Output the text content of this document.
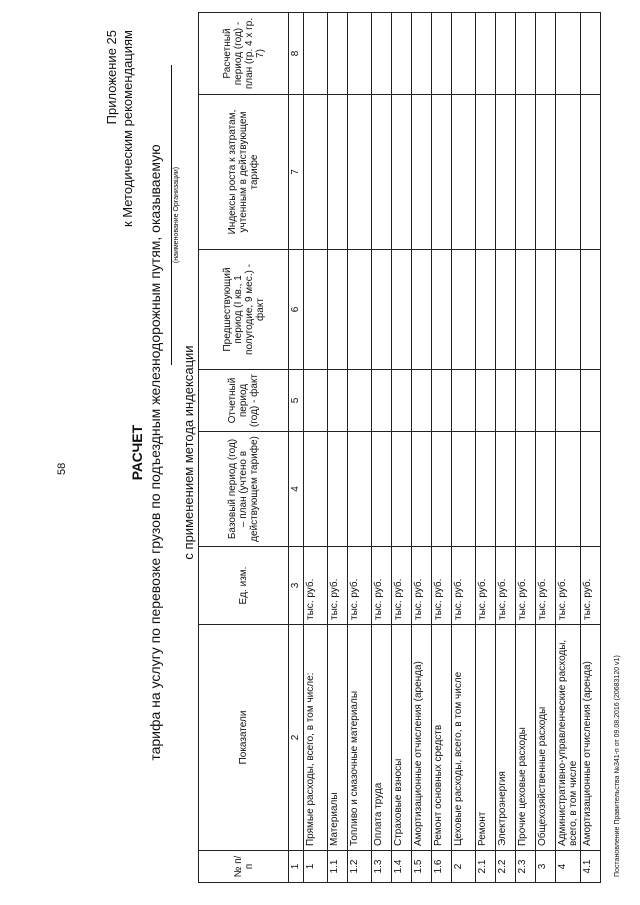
58
Приложение 25 к Методическим рекомендациям
РАСЧЕТ тарифа на услугу по перевозке грузов по подъездным железнодорожным путям, оказываемую (наименование Организации)
с применением метода индексации
№ п/п	Показатели	Ед. изм.	Базовый период (год) – план (учтено в действующем тарифе)	Отчетный период (год) - факт	Предшествующий период (I кв., 1 полугодие, 9 мес.) - факт	Индексы роста к затратам, учтенным в действующем тарифе	Расчетный период (год) - план (гр. 4 х гр. 7)
1	2	3	4	5	6	7	8
1	Прямые расходы, всего, в том числе:	тыс. руб.					
1.1	Материалы	тыс. руб.					
1.2	Топливо и смазочные материалы	тыс. руб.					
1.3	Оплата труда	тыс. руб.					
1.4	Страховые взносы	тыс. руб.					
1.5	Амортизационные отчисления (аренда)	тыс. руб.					
1.6	Ремонт основных средств	тыс. руб.					
2	Цеховые расходы, всего, в том числе	тыс. руб.					
2.1	Ремонт	тыс. руб.					
2.2	Электроэнергия	тыс. руб.					
2.3	Прочие цеховые расходы	тыс. руб.					
3	Общехозяйственные расходы	тыс. руб.					
4	Административно-управленческие расходы, всего, в том числе	тыс. руб.					
4.1	Амортизационные отчисления (аренда)	тыс. руб.					
Постановление Правительства №341-п от 09.08.2016 (20683120 v1)
